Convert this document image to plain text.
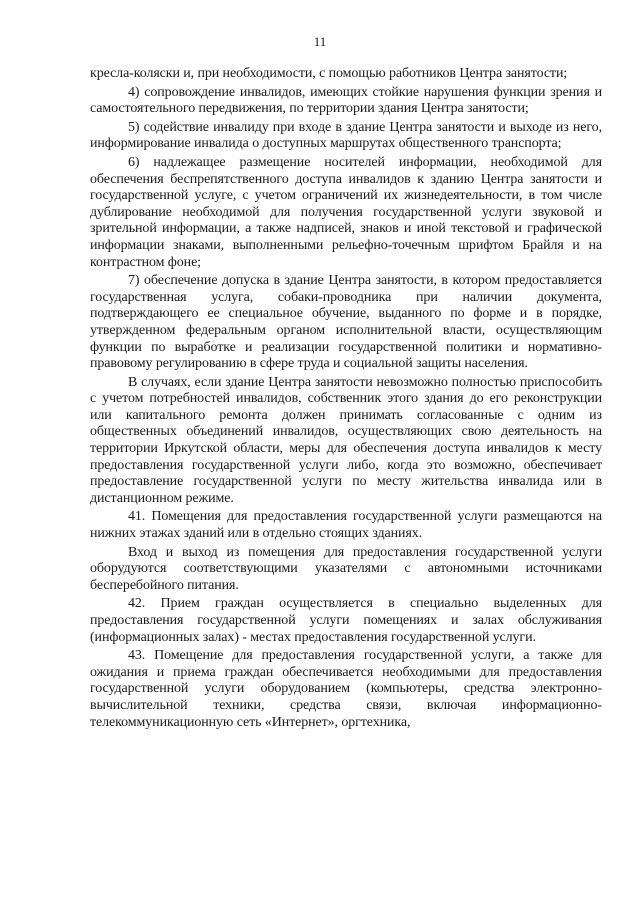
11

кресла-коляски и, при необходимости, с помощью работников Центра занятости;

4) сопровождение инвалидов, имеющих стойкие нарушения функции зрения и самостоятельного передвижения, по территории здания Центра занятости;

5) содействие инвалиду при входе в здание Центра занятости и выходе из него, информирование инвалида о доступных маршрутах общественного транспорта;

6) надлежащее размещение носителей информации, необходимой для обеспечения беспрепятственного доступа инвалидов к зданию Центра занятости и государственной услуге, с учетом ограничений их жизнедеятельности, в том числе дублирование необходимой для получения государственной услуги звуковой и зрительной информации, а также надписей, знаков и иной текстовой и графической информации знаками, выполненными рельефно-точечным шрифтом Брайля и на контрастном фоне;

7) обеспечение допуска в здание Центра занятости, в котором предоставляется государственная услуга, собаки-проводника при наличии документа, подтверждающего ее специальное обучение, выданного по форме и в порядке, утвержденном федеральным органом исполнительной власти, осуществляющим функции по выработке и реализации государственной политики и нормативно-правовому регулированию в сфере труда и социальной защиты населения.

В случаях, если здание Центра занятости невозможно полностью приспособить с учетом потребностей инвалидов, собственник этого здания до его реконструкции или капитального ремонта должен принимать согласованные с одним из общественных объединений инвалидов, осуществляющих свою деятельность на территории Иркутской области, меры для обеспечения доступа инвалидов к месту предоставления государственной услуги либо, когда это возможно, обеспечивает предоставление государственной услуги по месту жительства инвалида или в дистанционном режиме.

41. Помещения для предоставления государственной услуги размещаются на нижних этажах зданий или в отдельно стоящих зданиях.

Вход и выход из помещения для предоставления государственной услуги оборудуются соответствующими указателями с автономными источниками бесперебойного питания.

42. Прием граждан осуществляется в специально выделенных для предоставления государственной услуги помещениях и залах обслуживания (информационных залах) - местах предоставления государственной услуги.

43. Помещение для предоставления государственной услуги, а также для ожидания и приема граждан обеспечивается необходимыми для предоставления государственной услуги оборудованием (компьютеры, средства электронно-вычислительной техники, средства связи, включая информационно-телекоммуникационную сеть «Интернет», оргтехника,
